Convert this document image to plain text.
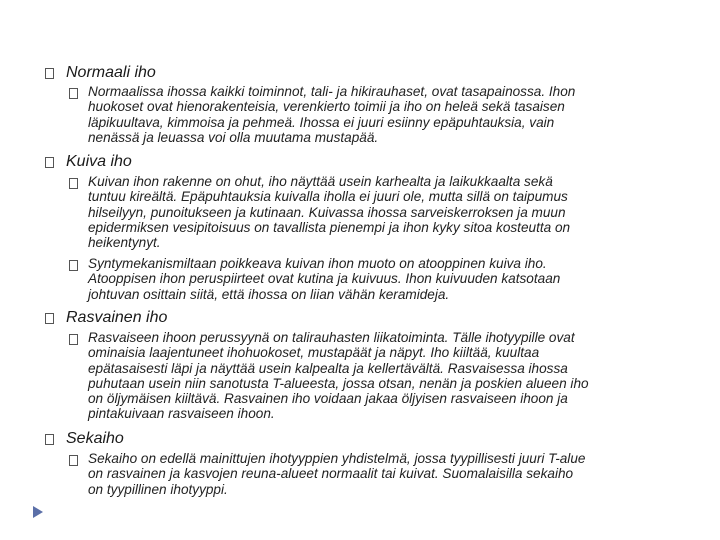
Normaali iho
Normaalissa ihossa kaikki toiminnot, tali- ja hikirauhaset, ovat tasapainossa. Ihon
huokoset ovat hienorakenteisia, verenkierto toimii ja iho on heleä sekä tasaisen
läpikuultava, kimmoisa ja pehmeä. Ihossa ei juuri esiinny epäpuhtauksia, vain
nenässä ja leuassa voi olla muutama mustapää.
Kuiva iho
Kuivan ihon rakenne on ohut, iho näyttää usein karhealta ja laikukkaalta sekä
tuntuu kireältä. Epäpuhtauksia kuivalla iholla ei juuri ole, mutta sillä on taipumus
hilseilyyn, punoitukseen ja kutinaan. Kuivassa ihossa sarveiskerroksen ja muun
epidermiksen vesipitoisuus on tavallista pienempi ja ihon kyky sitoa kosteutta on
heikentynyt.
Syntymekanismiltaan poikkeava kuivan ihon muoto on atooppinen kuiva iho.
Atooppisen ihon peruspiirteet ovat kutina ja kuivuus. Ihon kuivuuden katsotaan
johtuvan osittain siitä, että ihossa on liian vähän keramideja.
Rasvainen iho
Rasvaiseen ihoon perussyynä on talirauhasten liikatoiminta. Tälle ihotyypille ovat
ominaisia laajentuneet ihohuokoset, mustapäät ja näpyt. Iho kiiltää, kuultaa
epätasaisesti läpi ja näyttää usein kalpealta ja kellertävältä. Rasvaisessa ihossa
puhutaan usein niin sanotusta T-alueesta, jossa otsan, nenän ja poskien alueen iho
on öljymäisen kiiltävä. Rasvainen iho voidaan jakaa öljyisen rasvaiseen ihoon ja
pintakuivaan rasvaiseen ihoon.
Sekaiho
Sekaiho on edellä mainittujen ihotyyppien yhdistelmä, jossa tyypillisesti juuri T-alue
on rasvainen ja kasvojen reuna-alueet normaalit tai kuivat. Suomalaisilla sekaiho
on tyypillinen ihotyyppi.
